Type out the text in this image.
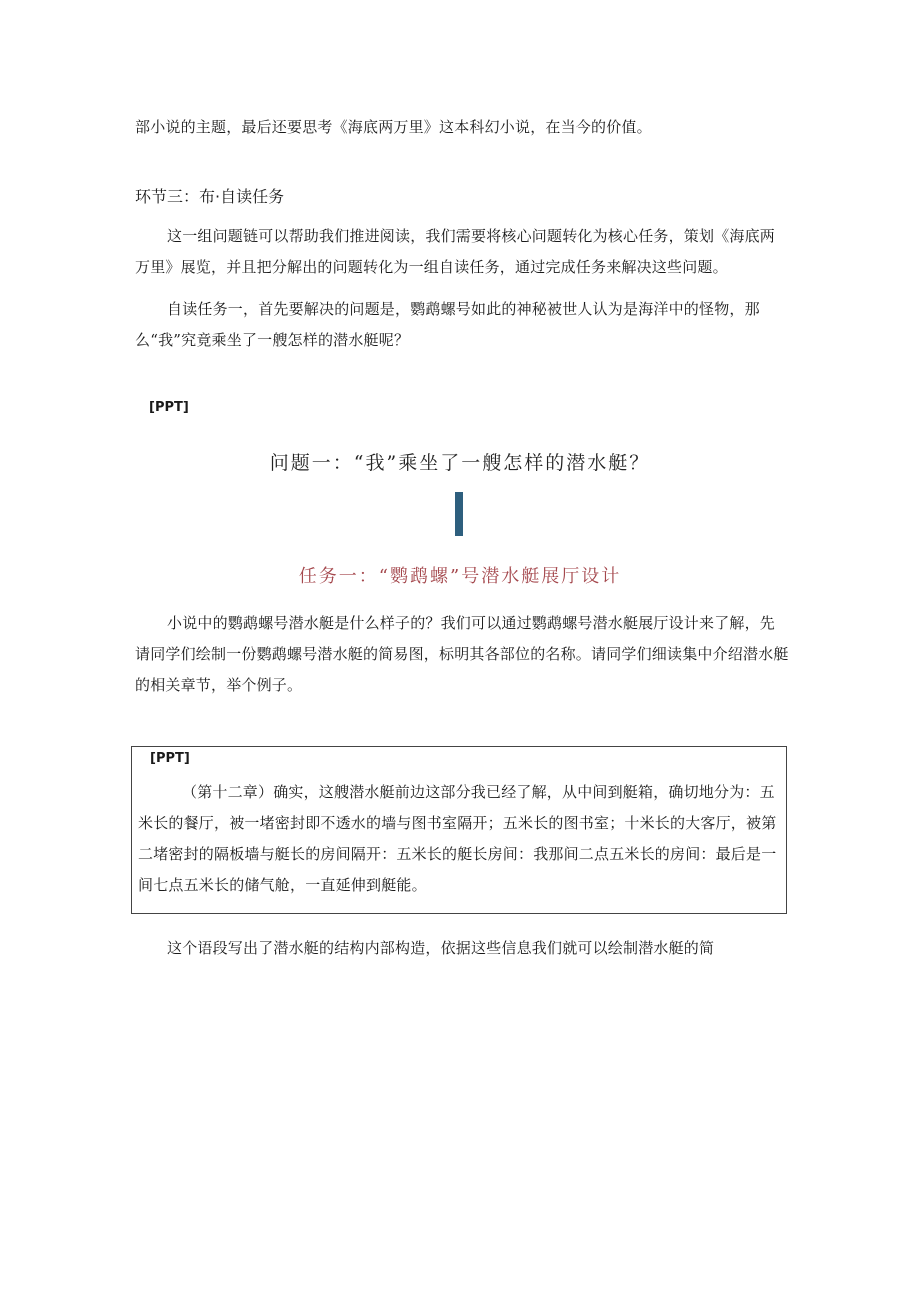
部小说的主题，最后还要思考《海底两万里》这本科幻小说，在当今的价值。

环节三：布·自读任务

这一组问题链可以帮助我们推进阅读，我们需要将核心问题转化为核心任务，策划《海底两万里》展览，并且把分解出的问题转化为一组自读任务，通过完成任务来解决这些问题。

自读任务一，首先要解决的问题是，鹦鹉螺号如此的神秘被世人认为是海洋中的怪物，那么“我”究竟乘坐了一艘怎样的潜水艇呢？

[PPT]

问题一：“我”乘坐了一艘怎样的潜水艇？

任务一：“鹦鹉螺”号潜水艇展厅设计

小说中的鹦鹉螺号潜水艇是什么样子的？我们可以通过鹦鹉螺号潜水艇展厅设计来了解，先请同学们绘制一份鹦鹉螺号潜水艇的简易图，标明其各部位的名称。请同学们细读集中介绍潜水艇的相关章节，举个例子。

[PPT]

（第十二章）确实，这艘潜水艇前边这部分我已经了解，从中间到艇箱，确切地分为：五米长的餐厅，被一堵密封即不透水的墙与图书室隔开；五米长的图书室；十米长的大客厅，被第二堵密封的隔板墙与艇长的房间隔开：五米长的艇长房间：我那间二点五米长的房间：最后是一间七点五米长的储气舱，一直延伸到艇能。

这个语段写出了潜水艇的结构内部构造，依据这些信息我们就可以绘制潜水艇的简
